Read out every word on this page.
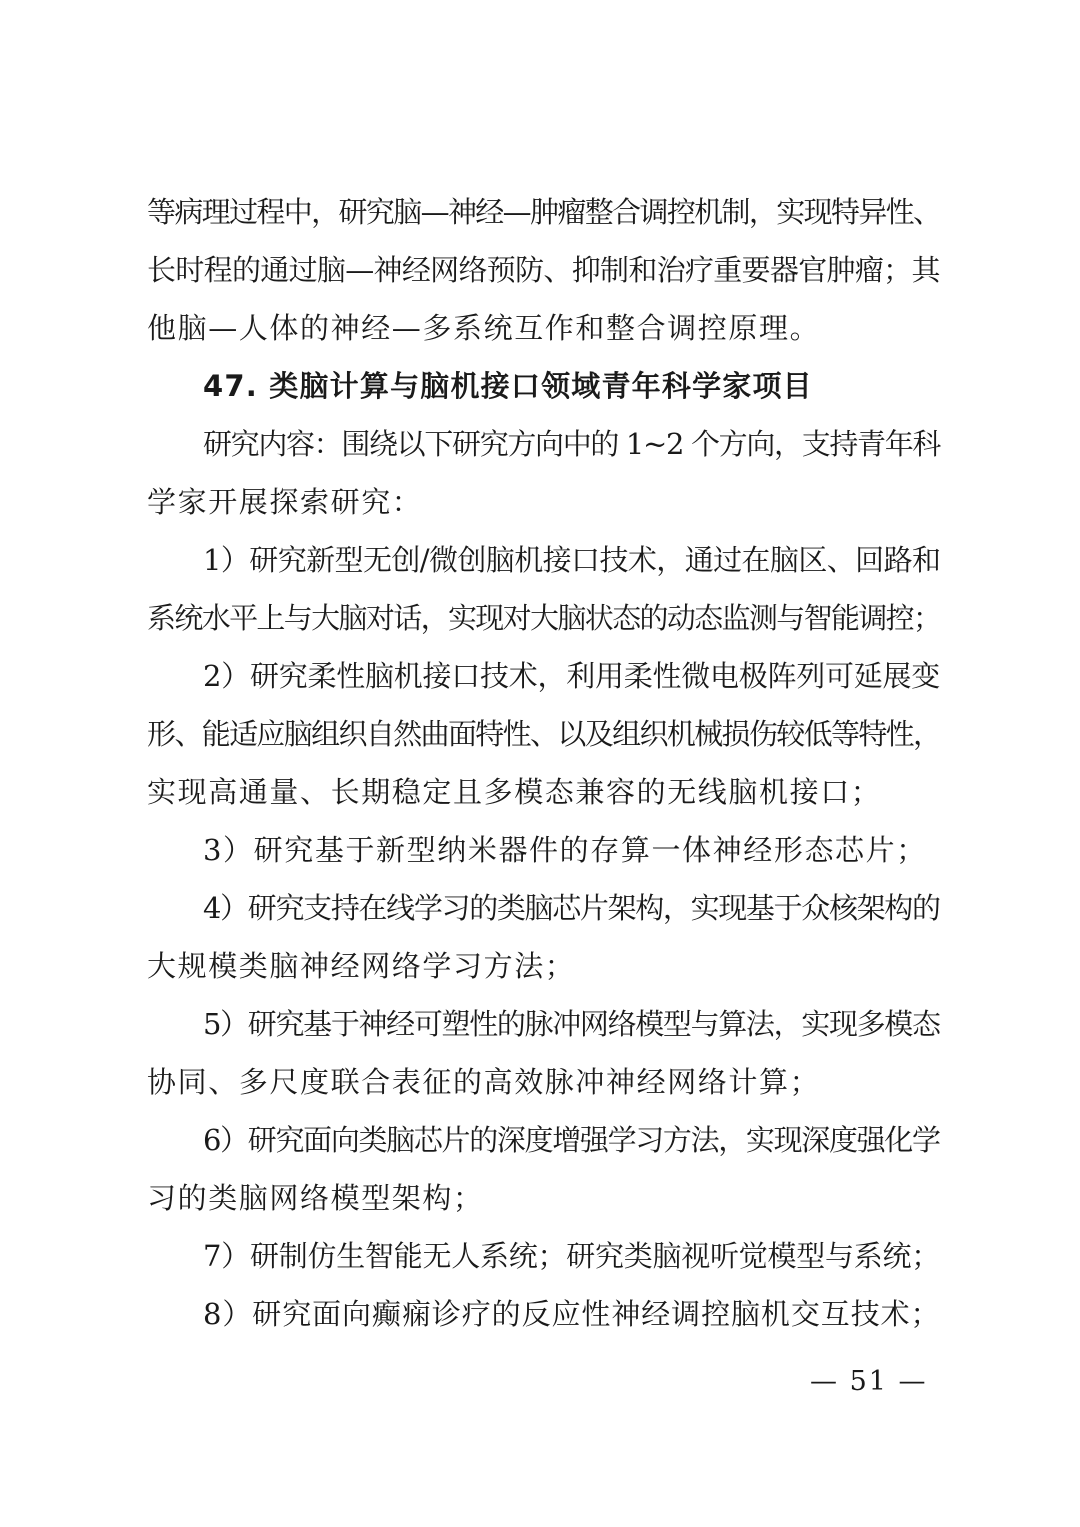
等病理过程中，研究脑—神经—肿瘤整合调控机制，实现特异性、
长时程的通过脑—神经网络预防、抑制和治疗重要器官肿瘤；其
他脑—人体的神经—多系统互作和整合调控原理。
47. 类脑计算与脑机接口领域青年科学家项目
研究内容：围绕以下研究方向中的 1~2 个方向，支持青年科
学家开展探索研究：
1）研究新型无创/微创脑机接口技术，通过在脑区、回路和
系统水平上与大脑对话，实现对大脑状态的动态监测与智能调控；
2）研究柔性脑机接口技术，利用柔性微电极阵列可延展变
形、能适应脑组织自然曲面特性、以及组织机械损伤较低等特性，
实现高通量、长期稳定且多模态兼容的无线脑机接口；
3）研究基于新型纳米器件的存算一体神经形态芯片；
4）研究支持在线学习的类脑芯片架构，实现基于众核架构的
大规模类脑神经网络学习方法；
5）研究基于神经可塑性的脉冲网络模型与算法，实现多模态
协同、多尺度联合表征的高效脉冲神经网络计算；
6）研究面向类脑芯片的深度增强学习方法，实现深度强化学
习的类脑网络模型架构；
7）研制仿生智能无人系统；研究类脑视听觉模型与系统；
8）研究面向癫痫诊疗的反应性神经调控脑机交互技术；
— 51 —
